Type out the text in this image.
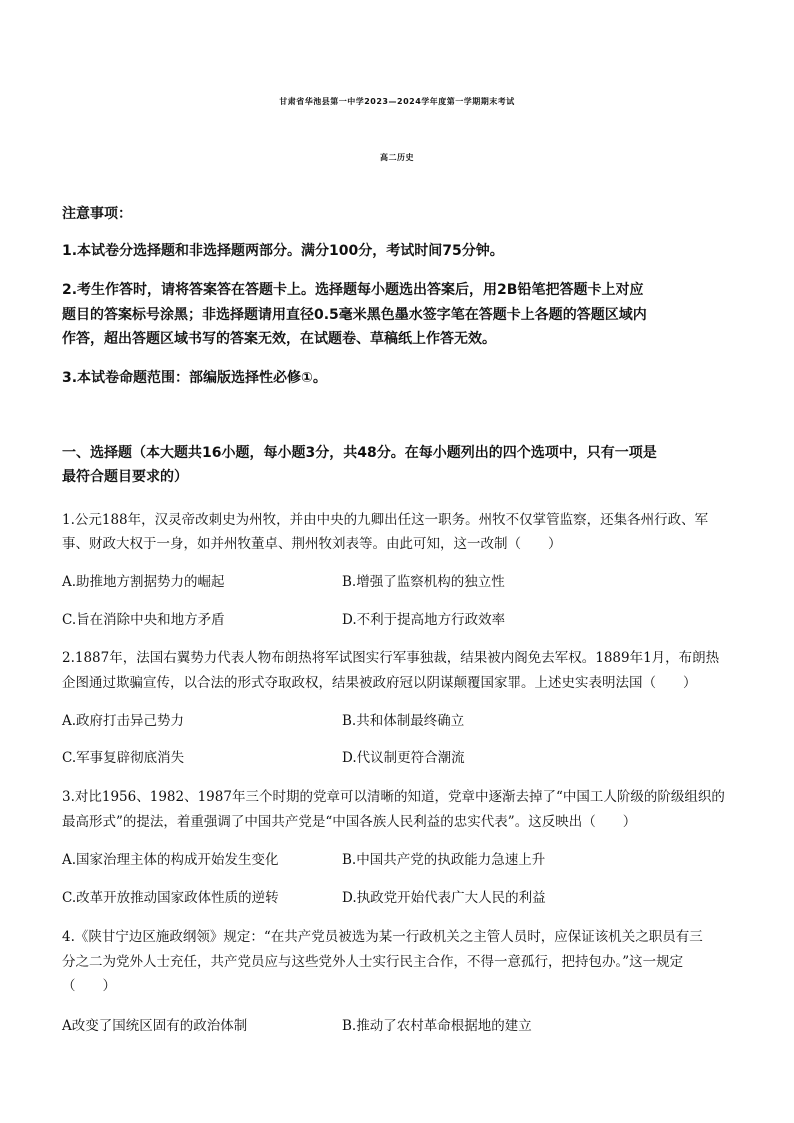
甘肃省华池县第一中学2023—2024学年度第一学期期末考试
高二历史
注意事项：
1.本试卷分选择题和非选择题两部分。满分100分，考试时间75分钟。
2.考生作答时，请将答案答在答题卡上。选择题每小题选出答案后，用2B铅笔把答题卡上对应
题目的答案标号涂黑；非选择题请用直径0.5毫米黑色墨水签字笔在答题卡上各题的答题区域内
作答，超出答题区域书写的答案无效，在试题卷、草稿纸上作答无效。
3.本试卷命题范围：部编版选择性必修①。
一、选择题（本大题共16小题，每小题3分，共48分。在每小题列出的四个选项中，只有一项是
最符合题目要求的）
1.公元188年，汉灵帝改刺史为州牧，并由中央的九卿出任这一职务。州牧不仅掌管监察，还集各州行政、军
事、财政大权于一身，如并州牧董卓、荆州牧刘表等。由此可知，这一改制（　　）
A.助推地方割据势力的崛起	B.增强了监察机构的独立性
C.旨在消除中央和地方矛盾	D.不利于提高地方行政效率
2.1887年，法国右翼势力代表人物布朗热将军试图实行军事独裁，结果被内阁免去军权。1889年1月，布朗热
企图通过欺骗宣传，以合法的形式夺取政权，结果被政府冠以阴谋颠覆国家罪。上述史实表明法国（　　）
A.政府打击异己势力	B.共和体制最终确立
C.军事复辟彻底消失	D.代议制更符合潮流
3.对比1956、1982、1987年三个时期的党章可以清晰的知道，党章中逐渐去掉了“中国工人阶级的阶级组织的
最高形式”的提法，着重强调了中国共产党是“中国各族人民利益的忠实代表”。这反映出（　　）
A.国家治理主体的构成开始发生变化	B.中国共产党的执政能力急速上升
C.改革开放推动国家政体性质的逆转	D.执政党开始代表广大人民的利益
4.《陕甘宁边区施政纲领》规定：“在共产党员被选为某一行政机关之主管人员时，应保证该机关之职员有三
分之二为党外人士充任，共产党员应与这些党外人士实行民主合作，不得一意孤行，把持包办。”这一规定
（　　）
A改变了国统区固有的政治体制	B.推动了农村革命根据地的建立
